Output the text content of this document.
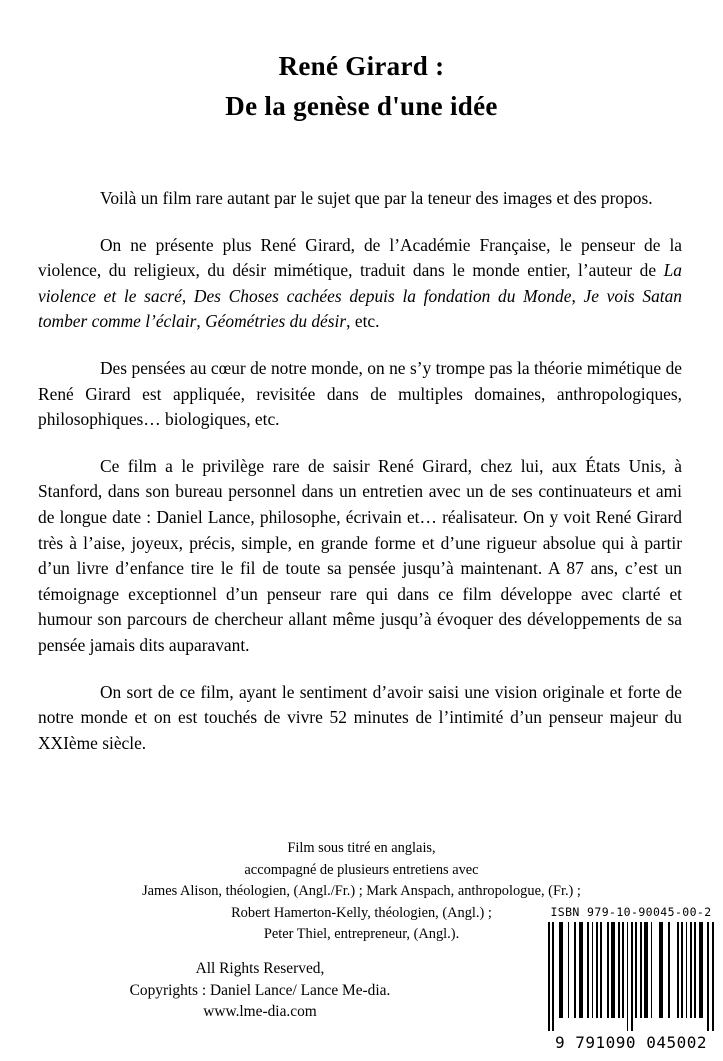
René Girard :
De la genèse d'une idée

Voilà un film rare autant par le sujet que par la teneur des images et des propos.

On ne présente plus René Girard, de l’Académie Française, le penseur de la violence, du religieux, du désir mimétique, traduit dans le monde entier, l’auteur de La violence et le sacré, Des Choses cachées depuis la fondation du Monde, Je vois Satan tomber comme l’éclair, Géométries du désir, etc.

Des pensées au cœur de notre monde, on ne s’y trompe pas la théorie mimétique de René Girard est appliquée, revisitée dans de multiples domaines, anthropologiques, philosophiques… biologiques, etc.

Ce film a le privilège rare de saisir René Girard, chez lui, aux États Unis, à Stanford, dans son bureau personnel dans un entretien avec un de ses continuateurs et ami de longue date : Daniel Lance, philosophe, écrivain et… réalisateur. On y voit René Girard très à l’aise, joyeux, précis, simple, en grande forme et d’une rigueur absolue qui à partir d’un livre d’enfance tire le fil de toute sa pensée jusqu’à maintenant. A 87 ans, c’est un témoignage exceptionnel d’un penseur rare qui dans ce film développe avec clarté et humour son parcours de chercheur allant même jusqu’à évoquer des développements de sa pensée jamais dits auparavant.

On sort de ce film, ayant le sentiment d’avoir saisi une vision originale et forte de notre monde et on est touchés de vivre 52 minutes de l’intimité d’un penseur majeur du XXIème siècle.

Film sous titré en anglais,
accompagné de plusieurs entretiens avec
James Alison, théologien, (Angl./Fr.) ; Mark Anspach, anthropologue, (Fr.) ;
Robert Hamerton-Kelly, théologien, (Angl.) ;
Peter Thiel, entrepreneur, (Angl.).
All Rights Reserved,
Copyrights : Daniel Lance/ Lance Me-dia.
www.lme-dia.com
ISBN 979-10-90045-00-2
9 791090 045002
